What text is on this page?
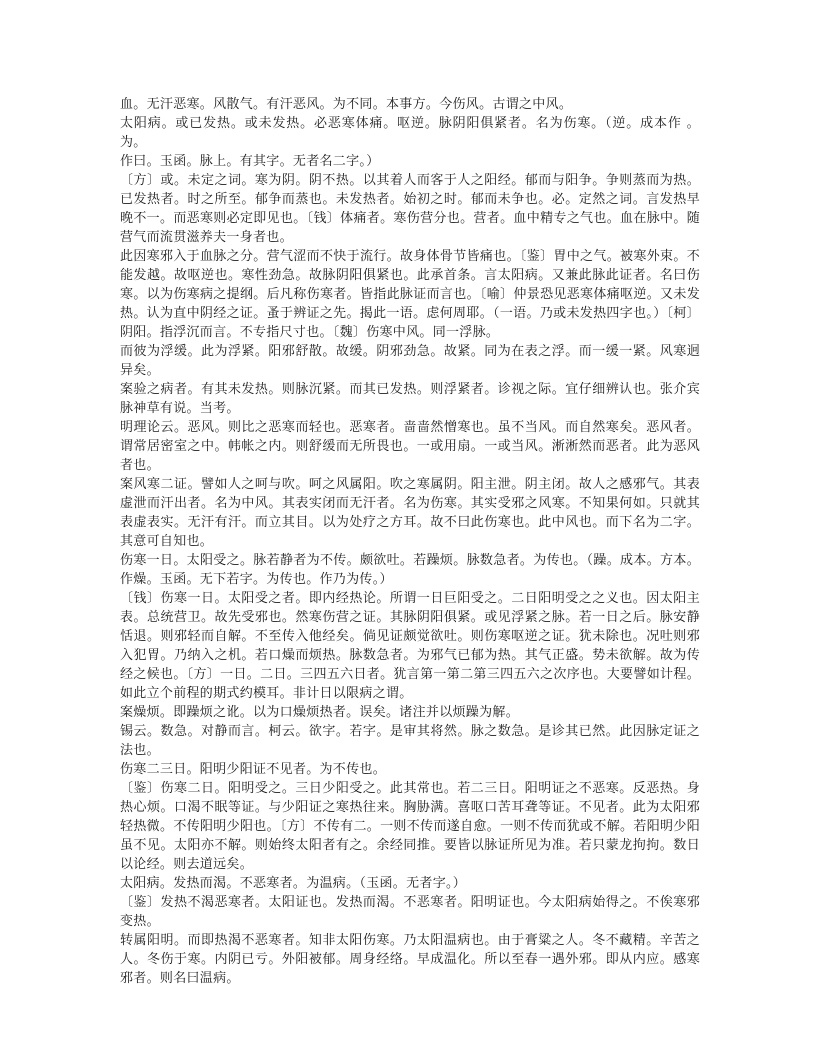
血。无汗恶寒。风散气。有汗恶风。为不同。本事方。今伤风。古谓之中风。

太阳病。或已发热。或未发热。必恶寒体痛。呕逆。脉阴阳俱紧者。名为伤寒。（逆。成本作 。为。

作曰。玉函。脉上。有其字。无者名二字。）

〔方〕或。未定之词。寒为阴。阴不热。以其着人而客于人之阳经。郁而与阳争。争则蒸而为热。已发热者。时之所至。郁争而蒸也。未发热者。始初之时。郁而未争也。必。定然之词。言发热早晚不一。而恶寒则必定即见也。〔钱〕体痛者。寒伤营分也。营者。血中精专之气也。血在脉中。随营气而流贯滋养夫一身者也。

此因寒邪入于血脉之分。营气涩而不快于流行。故身体骨节皆痛也。〔鉴〕胃中之气。被寒外束。不能发越。故呕逆也。寒性劲急。故脉阴阳俱紧也。此承首条。言太阳病。又兼此脉此证者。名曰伤寒。以为伤寒病之提纲。后凡称伤寒者。皆指此脉证而言也。〔喻〕仲景恐见恶寒体痛呕逆。又未发热。认为直中阴经之证。蚤于辨证之先。揭此一语。虑何周耶。（一语。乃或未发热四字也。）〔柯〕阴阳。指浮沉而言。不专指尺寸也。〔魏〕伤寒中风。同一浮脉。

而彼为浮缓。此为浮紧。阳邪舒散。故缓。阴邪劲急。故紧。同为在表之浮。而一缓一紧。风寒迥异矣。

案验之病者。有其未发热。则脉沉紧。而其已发热。则浮紧者。诊视之际。宜仔细辨认也。张介宾脉神草有说。当考。

明理论云。恶风。则比之恶寒而轻也。恶寒者。啬啬然憎寒也。虽不当风。而自然寒矣。恶风者。谓常居密室之中。帏帐之内。则舒缓而无所畏也。一或用扇。一或当风。淅淅然而恶者。此为恶风者也。

案风寒二证。譬如人之呵与吹。呵之风属阳。吹之寒属阴。阳主泄。阴主闭。故人之感邪气。其表虚泄而汗出者。名为中风。其表实闭而无汗者。名为伤寒。其实受邪之风寒。不知果何如。只就其表虚表实。无汗有汗。而立其目。以为处疗之方耳。故不曰此伤寒也。此中风也。而下名为二字。其意可自知也。

伤寒一日。太阳受之。脉若静者为不传。颇欲吐。若躁烦。脉数急者。为传也。（躁。成本。方本。作燥。玉函。无下若字。为传也。作乃为传。）

〔钱〕伤寒一日。太阳受之者。即内经热论。所谓一日巨阳受之。二日阳明受之之义也。因太阳主表。总统营卫。故先受邪也。然寒伤营之证。其脉阴阳俱紧。或见浮紧之脉。若一日之后。脉安静恬退。则邪轻而自解。不至传入他经矣。倘见证颇觉欲吐。则伤寒呕逆之证。犹未除也。况吐则邪入犯胃。乃纳入之机。若口燥而烦热。脉数急者。为邪气已郁为热。其气正盛。势未欲解。故为传经之候也。〔方〕一日。二日。三四五六日者。犹言第一第二第三四五六之次序也。大要譬如计程。如此立个前程的期式约模耳。非计日以限病之谓。

案燥烦。即躁烦之讹。以为口燥烦热者。误矣。诸注并以烦躁为解。

锡云。数急。对静而言。柯云。欲字。若字。是审其将然。脉之数急。是诊其已然。此因脉定证之法也。

伤寒二三日。阳明少阳证不见者。为不传也。

〔鉴〕伤寒二日。阳明受之。三日少阳受之。此其常也。若二三日。阳明证之不恶寒。反恶热。身热心烦。口渴不眠等证。与少阳证之寒热往来。胸胁满。喜呕口苦耳聋等证。不见者。此为太阳邪轻热微。不传阳明少阳也。〔方〕不传有二。一则不传而遂自愈。一则不传而犹或不解。若阳明少阳虽不见。太阳亦不解。则始终太阳者有之。余经同推。要皆以脉证所见为准。若只蒙龙拘拘。数日以论经。则去道远矣。

太阳病。发热而渴。不恶寒者。为温病。（玉函。无者字。）

〔鉴〕发热不渴恶寒者。太阳证也。发热而渴。不恶寒者。阳明证也。今太阳病始得之。不俟寒邪变热。

转属阳明。而即热渴不恶寒者。知非太阳伤寒。乃太阳温病也。由于膏粱之人。冬不藏精。辛苦之人。冬伤于寒。内阴已亏。外阳被郁。周身经络。早成温化。所以至春一遇外邪。即从内应。感寒邪者。则名曰温病。
